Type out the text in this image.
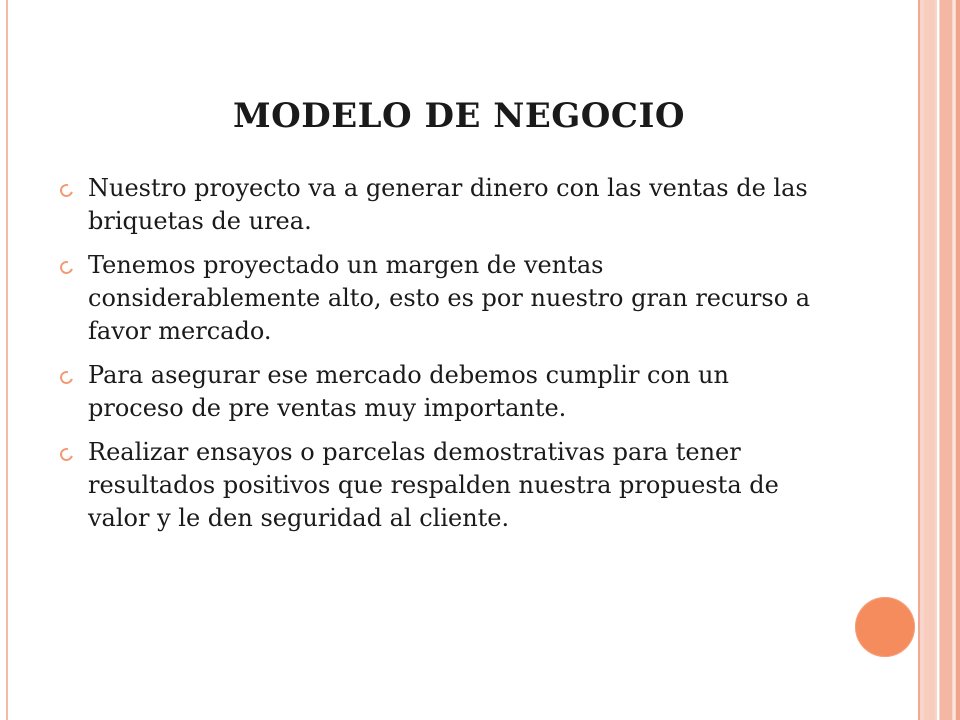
MODELO DE NEGOCIO
Nuestro proyecto va a generar dinero con las ventas de las briquetas de urea.
Tenemos proyectado un margen de ventas considerablemente alto, esto es por nuestro gran recurso a favor mercado.
Para asegurar ese mercado debemos cumplir con un proceso de pre ventas muy importante.
Realizar ensayos o parcelas demostrativas para tener resultados positivos que respalden nuestra propuesta de valor y le den seguridad al cliente.
